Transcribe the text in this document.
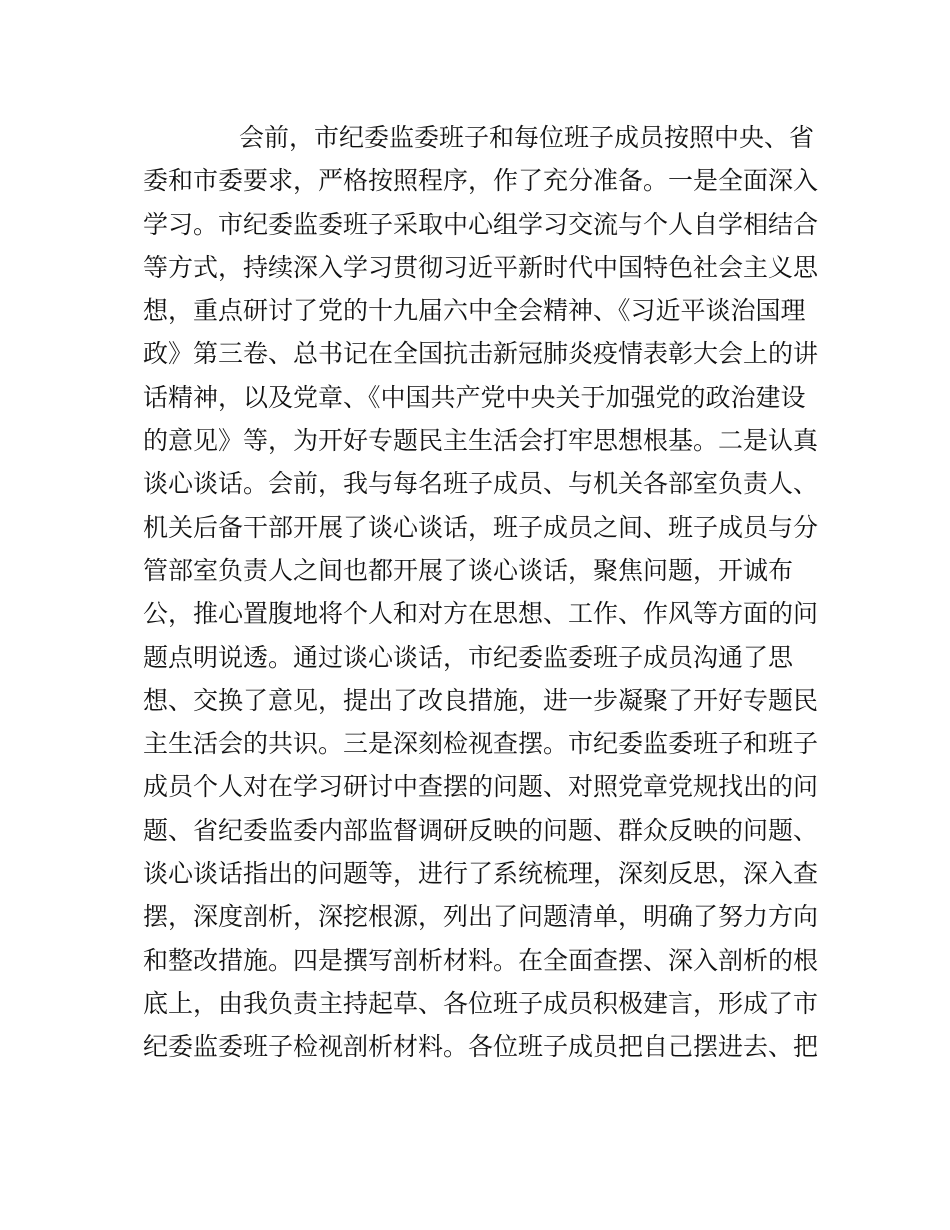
会前，市纪委监委班子和每位班子成员按照中央、省
委和市委要求，严格按照程序，作了充分准备。一是全面深入
学习。市纪委监委班子采取中心组学习交流与个人自学相结合
等方式，持续深入学习贯彻习近平新时代中国特色社会主义思
想，重点研讨了党的十九届六中全会精神、《习近平谈治国理
政》第三卷、总书记在全国抗击新冠肺炎疫情表彰大会上的讲
话精神，以及党章、《中国共产党中央关于加强党的政治建设
的意见》等，为开好专题民主生活会打牢思想根基。二是认真
谈心谈话。会前，我与每名班子成员、与机关各部室负责人、
机关后备干部开展了谈心谈话，班子成员之间、班子成员与分
管部室负责人之间也都开展了谈心谈话，聚焦问题，开诚布
公，推心置腹地将个人和对方在思想、工作、作风等方面的问
题点明说透。通过谈心谈话，市纪委监委班子成员沟通了思
想、交换了意见，提出了改良措施，进一步凝聚了开好专题民
主生活会的共识。三是深刻检视查摆。市纪委监委班子和班子
成员个人对在学习研讨中查摆的问题、对照党章党规找出的问
题、省纪委监委内部监督调研反映的问题、群众反映的问题、
谈心谈话指出的问题等，进行了系统梳理，深刻反思，深入查
摆，深度剖析，深挖根源，列出了问题清单，明确了努力方向
和整改措施。四是撰写剖析材料。在全面查摆、深入剖析的根
底上，由我负责主持起草、各位班子成员积极建言，形成了市
纪委监委班子检视剖析材料。各位班子成员把自己摆进去、把
